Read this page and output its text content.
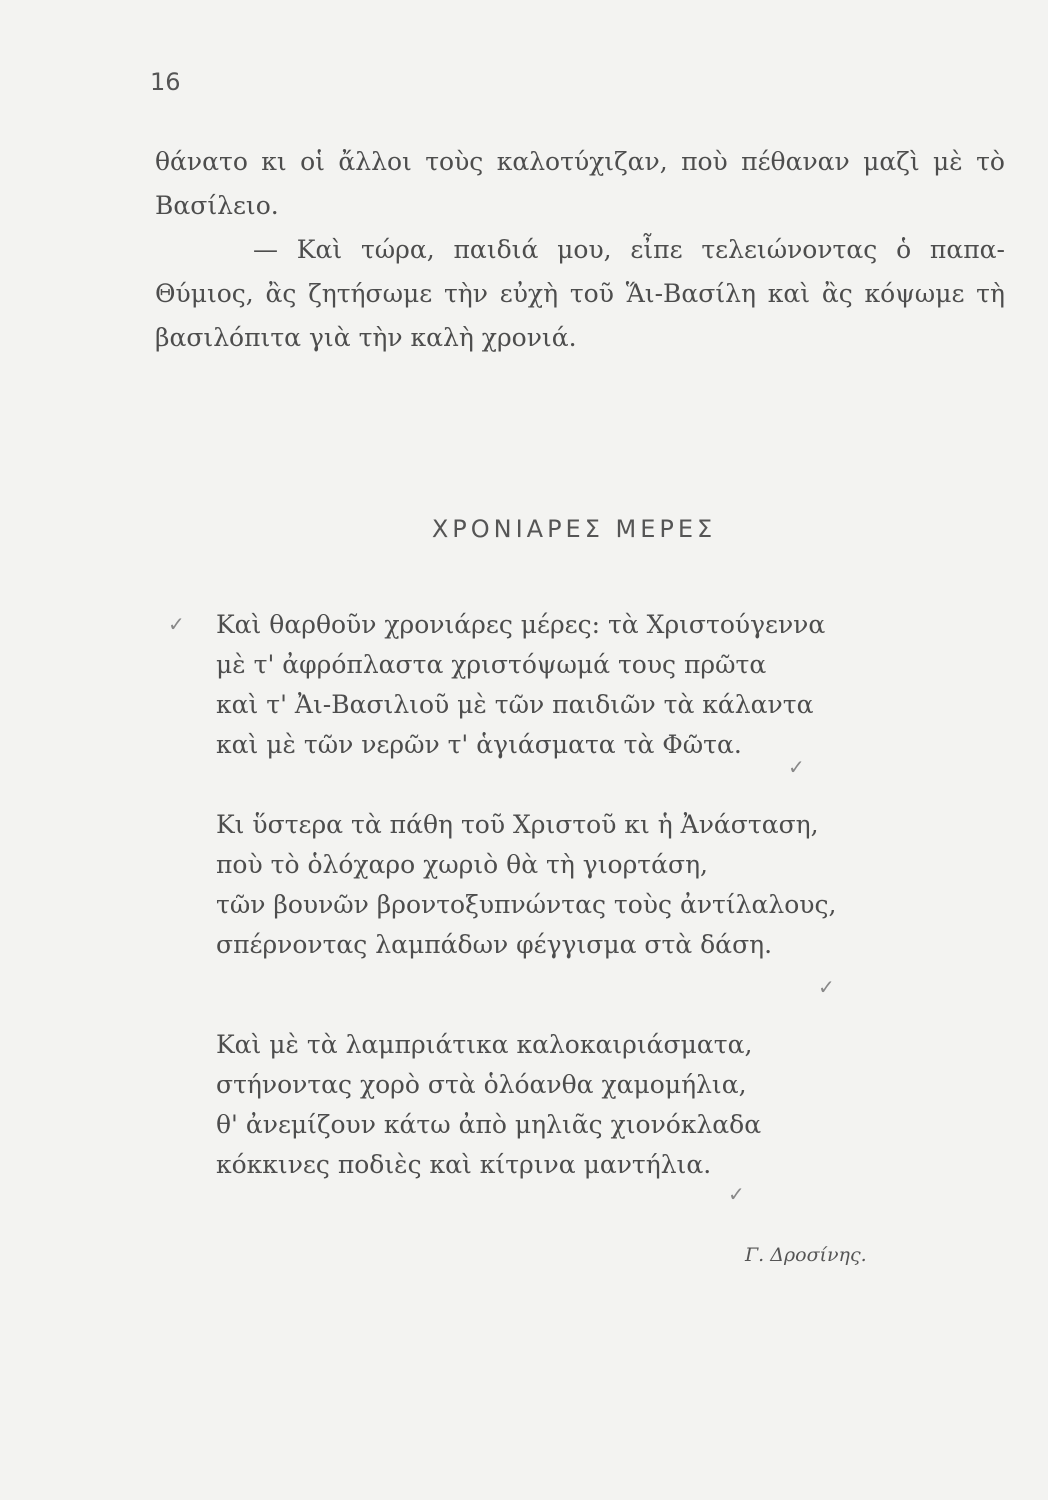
16

θάνατο κι οἱ ἄλλοι τοὺς καλοτύχιζαν, ποὺ πέθαναν μαζὶ μὲ τὸ Βασίλειο.

— Καὶ τώρα, παιδιά μου, εἶπε τελειώνοντας ὁ παπα-Θύμιος, ἂς ζητήσωμε τὴν εὐχὴ τοῦ Ἅι-Βασίλη καὶ ἂς κόψωμε τὴ βασιλόπιτα γιὰ τὴν καλὴ χρονιά.

ΧΡΟΝΙΑΡΕΣ ΜΕΡΕΣ
✓
✓
✓
✓
Καὶ θαρθοῦν χρονιάρες μέρες: τὰ Χριστούγεννα
μὲ τ' ἀφρόπλαστα χριστόψωμά τους πρῶτα
καὶ τ' Ἀι-Βασιλιοῦ μὲ τῶν παιδιῶν τὰ κάλαντα
καὶ μὲ τῶν νερῶν τ' ἁγιάσματα τὰ Φῶτα.
Κι ὕστερα τὰ πάθη τοῦ Χριστοῦ κι ἡ Ἀνάσταση,
ποὺ τὸ ὁλόχαρο χωριὸ θὰ τὴ γιορτάση,
τῶν βουνῶν βροντοξυπνώντας τοὺς ἀντίλαλους,
σπέρνοντας λαμπάδων φέγγισμα στὰ δάση.
Καὶ μὲ τὰ λαμπριάτικα καλοκαιριάσματα,
στήνοντας χορὸ στὰ ὁλόανθα χαμομήλια,
θ' ἀνεμίζουν κάτω ἀπὸ μηλιᾶς χιονόκλαδα
κόκκινες ποδιὲς καὶ κίτρινα μαντήλια.
Γ. Δροσίνης.
